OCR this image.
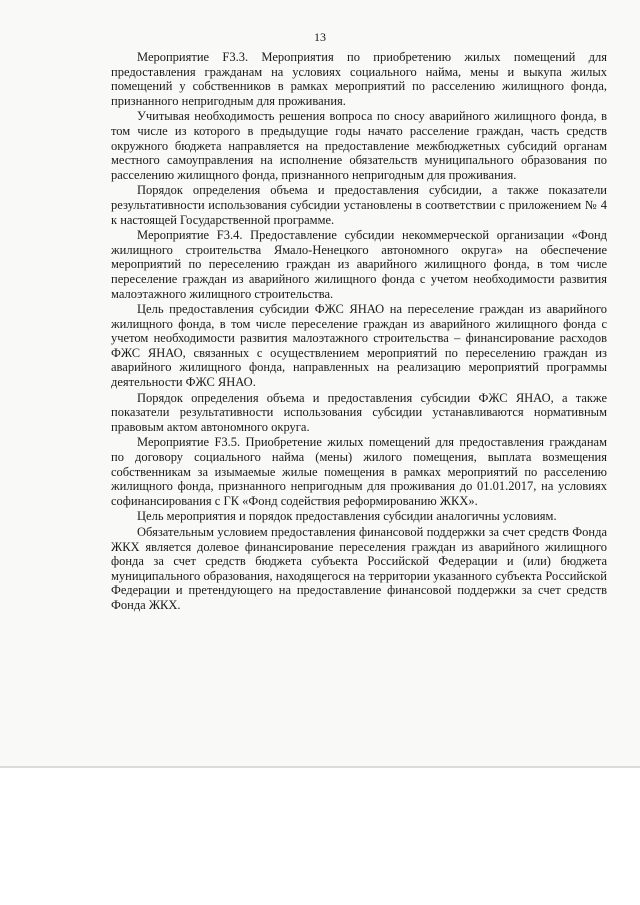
13

Мероприятие F3.3. Мероприятия по приобретению жилых помещений для предоставления гражданам на условиях социального найма, мены и выкупа жилых помещений у собственников в рамках мероприятий по расселению жилищного фонда, признанного непригодным для проживания.

Учитывая необходимость решения вопроса по сносу аварийного жилищного фонда, в том числе из которого в предыдущие годы начато расселение граждан, часть средств окружного бюджета направляется на предоставление межбюджетных субсидий органам местного самоуправления на исполнение обязательств муниципального образования по расселению жилищного фонда, признанного непригодным для проживания.

Порядок определения объема и предоставления субсидии, а также показатели результативности использования субсидии установлены в соответствии с приложением № 4 к настоящей Государственной программе.

Мероприятие F3.4. Предоставление субсидии некоммерческой организации «Фонд жилищного строительства Ямало-Ненецкого автономного округа» на обеспечение мероприятий по переселению граждан из аварийного жилищного фонда, в том числе переселение граждан из аварийного жилищного фонда с учетом необходимости развития малоэтажного жилищного строительства.

Цель предоставления субсидии ФЖС ЯНАО на переселение граждан из аварийного жилищного фонда, в том числе переселение граждан из аварийного жилищного фонда с учетом необходимости развития малоэтажного строительства – финансирование расходов ФЖС ЯНАО, связанных с осуществлением мероприятий по переселению граждан из аварийного жилищного фонда, направленных на реализацию мероприятий программы деятельности ФЖС ЯНАО.

Порядок определения объема и предоставления субсидии ФЖС ЯНАО, а также показатели результативности использования субсидии устанавливаются нормативным правовым актом автономного округа.

Мероприятие F3.5. Приобретение жилых помещений для предоставления гражданам по договору социального найма (мены) жилого помещения, выплата возмещения собственникам за изымаемые жилые помещения в рамках мероприятий по расселению жилищного фонда, признанного непригодным для проживания до 01.01.2017, на условиях софинансирования с ГК «Фонд содействия реформированию ЖКХ».

Цель мероприятия и порядок предоставления субсидии аналогичны условиям.

Обязательным условием предоставления финансовой поддержки за счет средств Фонда ЖКХ является долевое финансирование переселения граждан из аварийного жилищного фонда за счет средств бюджета субъекта Российской Федерации и (или) бюджета муниципального образования, находящегося на территории указанного субъекта Российской Федерации и претендующего на предоставление финансовой поддержки за счет средств Фонда ЖКХ.
